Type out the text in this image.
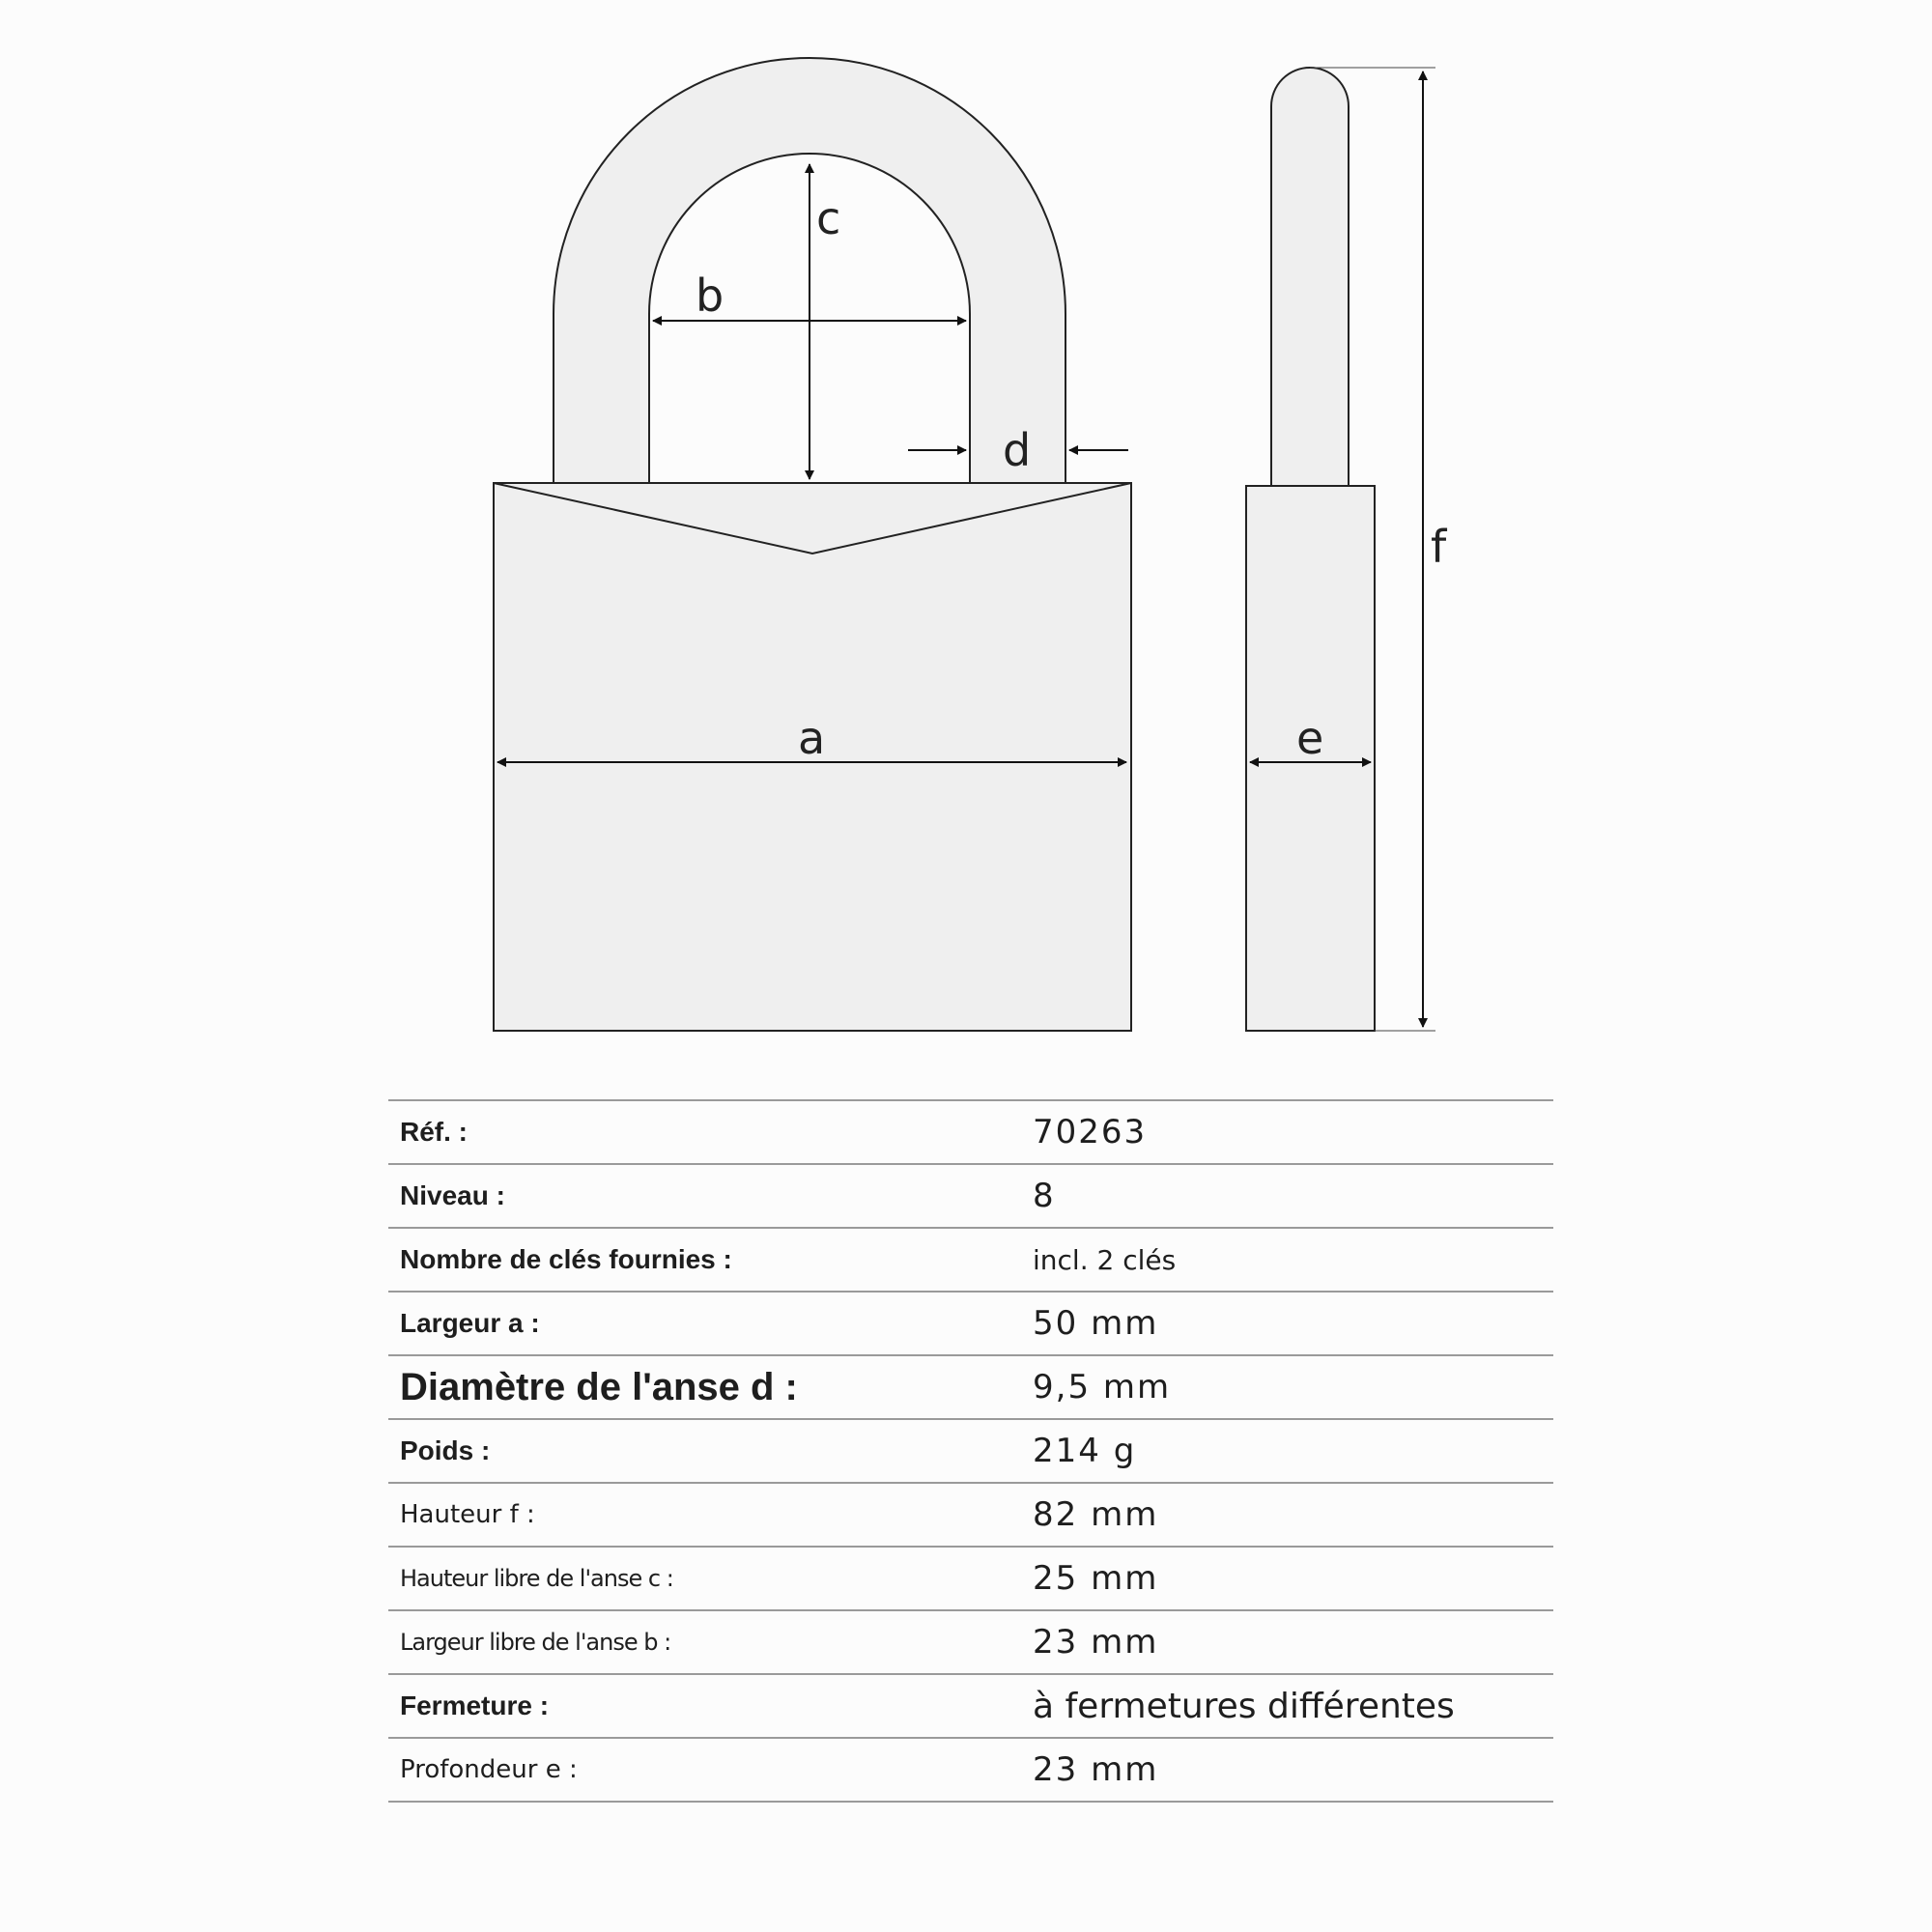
c
b
d
a	e
f
Réf. :	70263
Niveau :	8
Nombre de clés fournies :	incl. 2 clés
Largeur a :	50 mm
Diamètre de l'anse d :	9,5 mm
Poids :	214 g
Hauteur f :	82 mm
Hauteur libre de l'anse c :	25 mm
Largeur libre de l'anse b :	23 mm
Fermeture :	à fermetures différentes
Profondeur e :	23 mm
